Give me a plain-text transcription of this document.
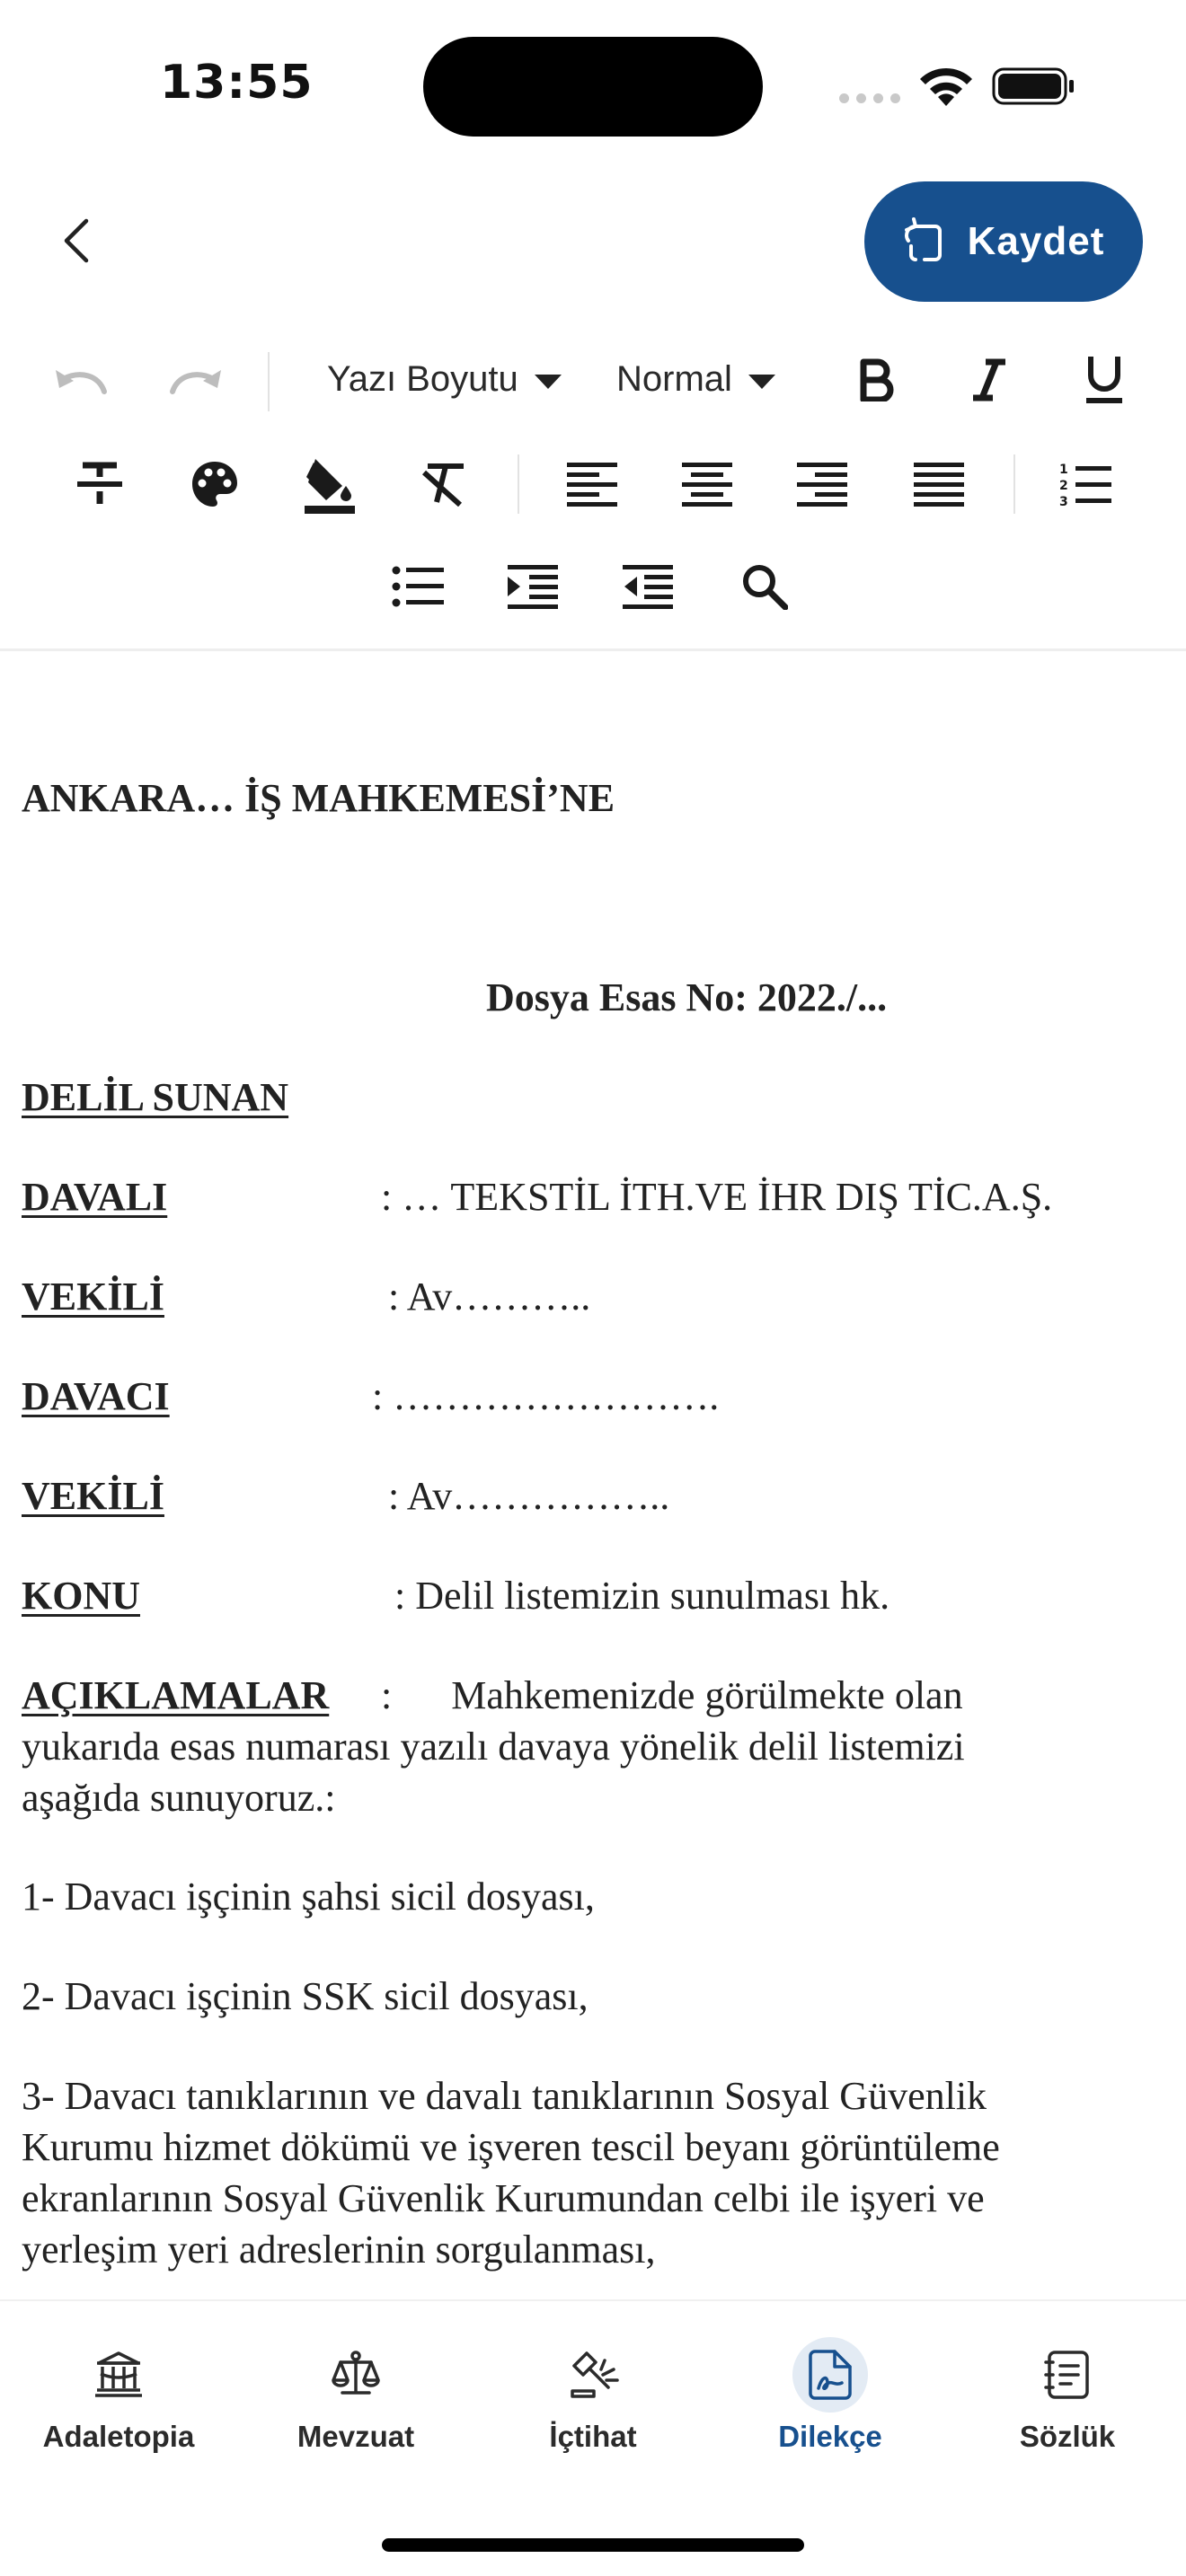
13:55
Kaydet
Yazı Boyutu	Normal
1
2
3

ANKARA… İŞ MAHKEMESİ’NE

Dosya Esas No: 2022./...

DELİL SUNAN

DAVALI	: … TEKSTİL İTH.VE İHR DIŞ TİC.A.Ş.

VEKİLİ	: Av………..

DAVACI	: …………………….

VEKİLİ	: Av……………..

KONU	: Delil listemizin sunulması hk.

AÇIKLAMALAR :      Mahkemenizde görülmekte olan

yukarıda esas numarası yazılı davaya yönelik delil listemizi

aşağıda sunuyoruz.:

1- Davacı işçinin şahsi sicil dosyası,

2- Davacı işçinin SSK sicil dosyası,

3- Davacı tanıklarının ve davalı tanıklarının Sosyal Güvenlik

Kurumu hizmet dökümü ve işveren tescil beyanı görüntüleme

ekranlarının Sosyal Güvenlik Kurumundan celbi ile işyeri ve

yerleşim yeri adreslerinin sorgulanması,

Adaletopia	Mevzuat	İçtihat	Dilekçe	Sözlük
